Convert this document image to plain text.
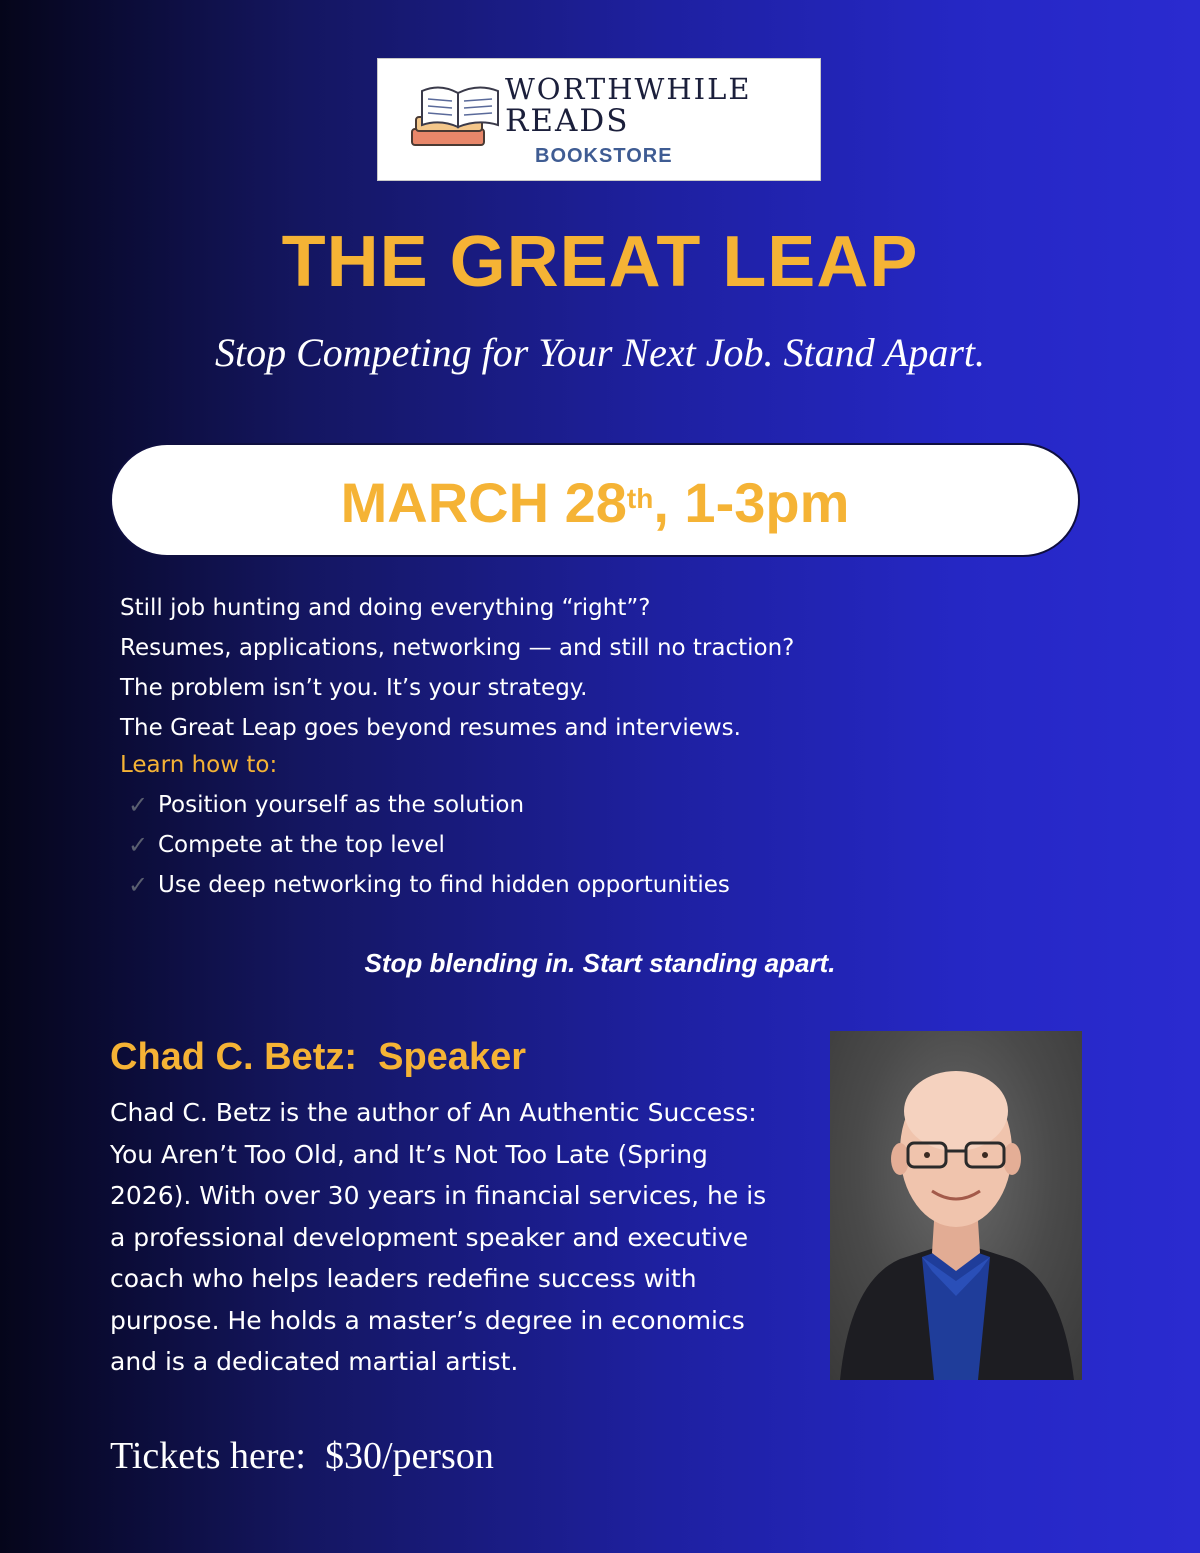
WORTHWHILE
READS
BOOKSTORE
THE GREAT LEAP
Stop Competing for Your Next Job. Stand Apart.
MARCH 28th, 1-3pm
Still job hunting and doing everything “right”?
Resumes, applications, networking — and still no traction?
The problem isn’t you. It’s your strategy.
The Great Leap goes beyond resumes and interviews.
Learn how to:
✓ Position yourself as the solution
✓ Compete at the top level
✓ Use deep networking to find hidden opportunities
Stop blending in. Start standing apart.
Chad C. Betz:  Speaker
Chad C. Betz is the author of An Authentic Success:
You Aren’t Too Old, and It’s Not Too Late (Spring
2026). With over 30 years in financial services, he is
a professional development speaker and executive
coach who helps leaders redefine success with
purpose. He holds a master’s degree in economics
and is a dedicated martial artist.
Tickets here:  $30/person
